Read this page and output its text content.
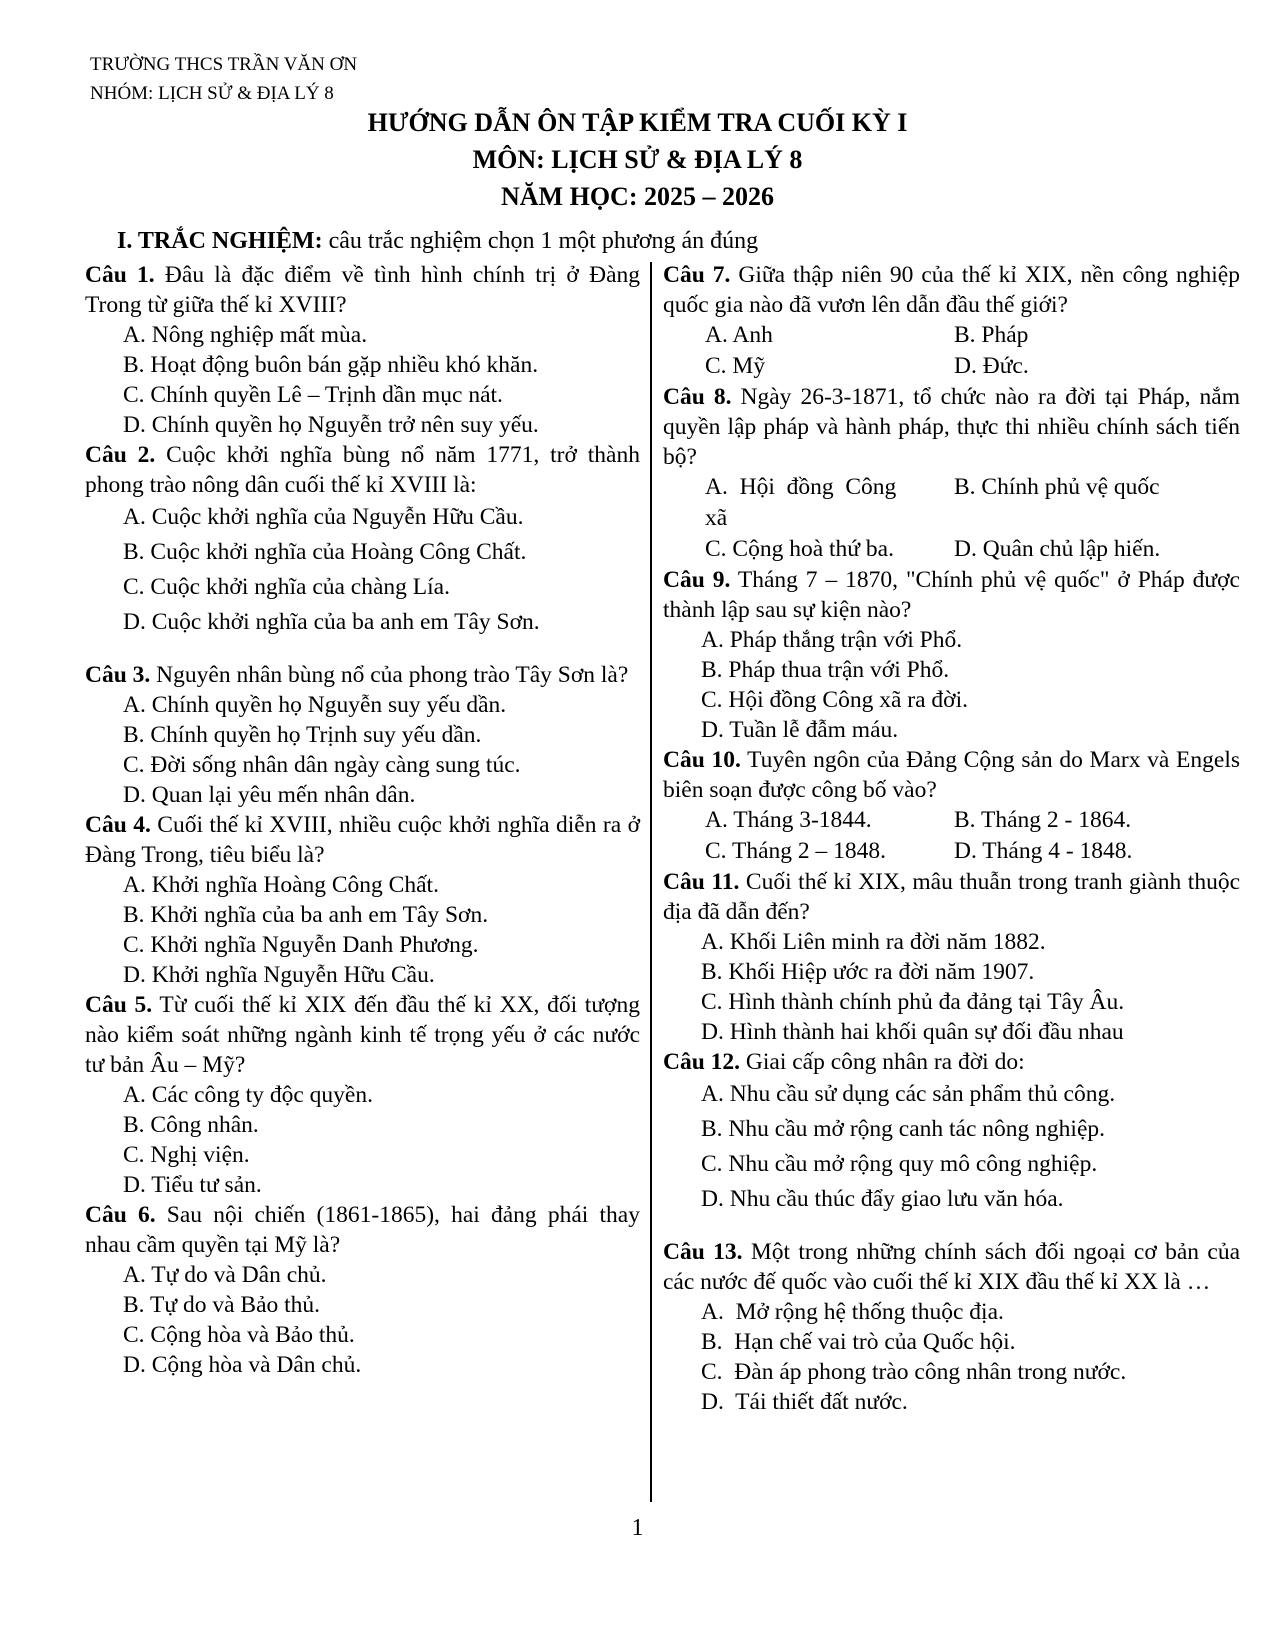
TRƯỜNG THCS TRẦN VĂN ƠN
NHÓM: LỊCH SỬ & ĐỊA LÝ 8
HƯỚNG DẪN ÔN TẬP KIỂM TRA CUỐI KỲ I
MÔN: LỊCH SỬ & ĐỊA LÝ 8
NĂM HỌC: 2025 – 2026
I. TRẮC NGHIỆM: câu trắc nghiệm chọn 1 một phương án đúng
Câu 1. Đâu là đặc điểm về tình hình chính trị ở Đàng Trong từ giữa thế kỉ XVIII?
A. Nông nghiệp mất mùa.
B. Hoạt động buôn bán gặp nhiều khó khăn.
C. Chính quyền Lê – Trịnh dần mục nát.
D. Chính quyền họ Nguyễn trở nên suy yếu.
Câu 2. Cuộc khởi nghĩa bùng nổ năm 1771, trở thành phong trào nông dân cuối thế kỉ XVIII là:
A. Cuộc khởi nghĩa của Nguyễn Hữu Cầu.
B. Cuộc khởi nghĩa của Hoàng Công Chất.
C. Cuộc khởi nghĩa của chàng Lía.
D. Cuộc khởi nghĩa của ba anh em Tây Sơn.
Câu 3. Nguyên nhân bùng nổ của phong trào Tây Sơn là?
A. Chính quyền họ Nguyễn suy yếu dần.
B. Chính quyền họ Trịnh suy yếu dần.
C. Đời sống nhân dân ngày càng sung túc.
D. Quan lại yêu mến nhân dân.
Câu 4. Cuối thế kỉ XVIII, nhiều cuộc khởi nghĩa diễn ra ở Đàng Trong, tiêu biểu là?
A. Khởi nghĩa Hoàng Công Chất.
B. Khởi nghĩa của ba anh em Tây Sơn.
C. Khởi nghĩa Nguyễn Danh Phương.
D. Khởi nghĩa Nguyễn Hữu Cầu.
Câu 5. Từ cuối thế kỉ XIX đến đầu thế kỉ XX, đối tượng nào kiểm soát những ngành kinh tế trọng yếu ở các nước tư bản Âu – Mỹ?
A. Các công ty độc quyền.
B. Công nhân.
C. Nghị viện.
D. Tiểu tư sản.
Câu 6. Sau nội chiến (1861-1865), hai đảng phái thay nhau cầm quyền tại Mỹ là?
A. Tự do và Dân chủ.
B. Tự do và Bảo thủ.
C. Cộng hòa và Bảo thủ.
D. Cộng hòa và Dân chủ.
Câu 7. Giữa thập niên 90 của thế kỉ XIX, nền công nghiệp quốc gia nào đã vươn lên dẫn đầu thế giới?
A. Anh	B. Pháp
C. Mỹ	D. Đức.
Câu 8. Ngày 26-3-1871, tổ chức nào ra đời tại Pháp, nắm quyền lập pháp và hành pháp, thực thi nhiều chính sách tiến bộ?
A.  Hội  đồng  Công	B. Chính phủ vệ quốc
xã
C. Cộng hoà thứ ba.	D. Quân chủ lập hiến.
Câu 9. Tháng 7 – 1870, "Chính phủ vệ quốc" ở Pháp được thành lập sau sự kiện nào?
A. Pháp thắng trận với Phổ.
B. Pháp thua trận với Phổ.
C. Hội đồng Công xã ra đời.
D. Tuần lễ đẫm máu.
Câu 10. Tuyên ngôn của Đảng Cộng sản do Marx và Engels biên soạn được công bố vào?
A. Tháng 3-1844.	B. Tháng 2 - 1864.
C. Tháng 2 – 1848.	D. Tháng 4 - 1848.
Câu 11. Cuối thế kỉ XIX, mâu thuẫn trong tranh giành thuộc địa đã dẫn đến?
A. Khối Liên minh ra đời năm 1882.
B. Khối Hiệp ước ra đời năm 1907.
C. Hình thành chính phủ đa đảng tại Tây Âu.
D. Hình thành hai khối quân sự đối đầu nhau
Câu 12. Giai cấp công nhân ra đời do:
A. Nhu cầu sử dụng các sản phẩm thủ công.
B. Nhu cầu mở rộng canh tác nông nghiệp.
C. Nhu cầu mở rộng quy mô công nghiệp.
D. Nhu cầu thúc đẩy giao lưu văn hóa.
Câu 13. Một trong những chính sách đối ngoại cơ bản của các nước đế quốc vào cuối thế kỉ XIX đầu thế kỉ XX là …
A.  Mở rộng hệ thống thuộc địa.
B.  Hạn chế vai trò của Quốc hội.
C.  Đàn áp phong trào công nhân trong nước.
D.  Tái thiết đất nước.
1
